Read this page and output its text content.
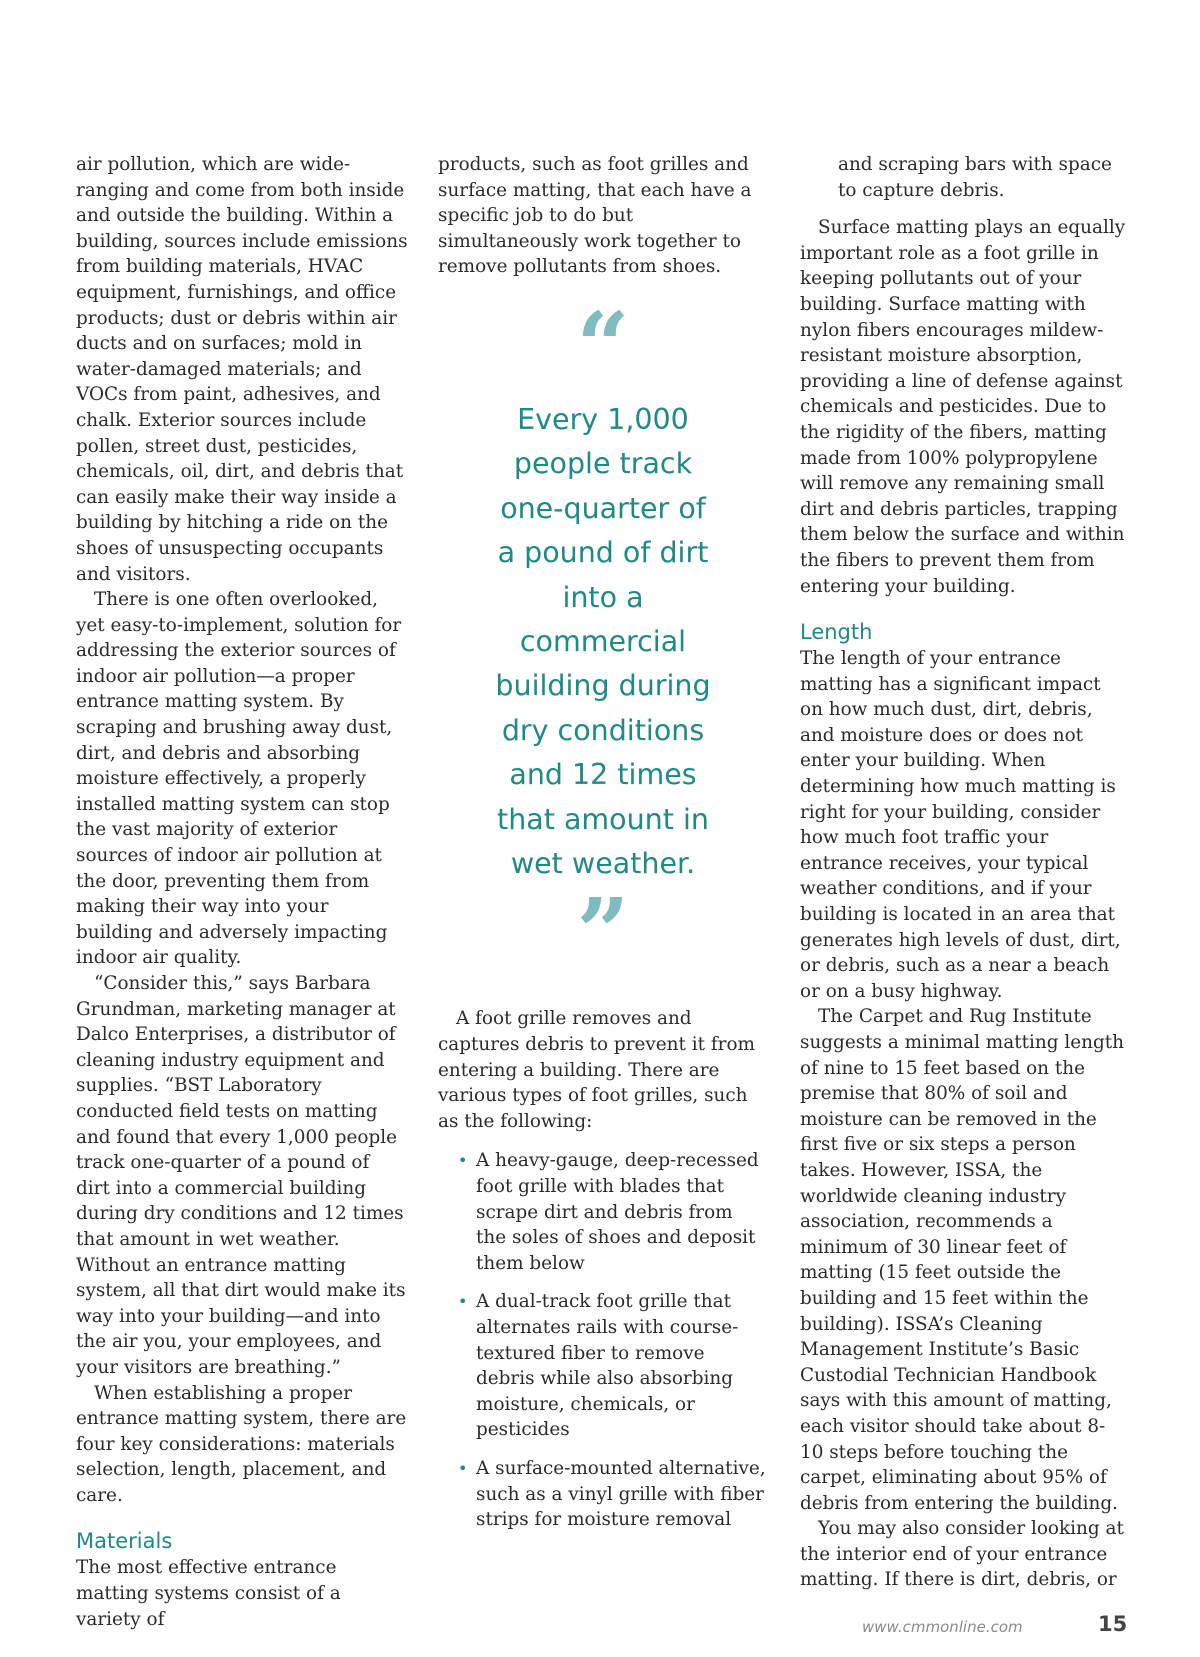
air pollution, which are wide-ranging and come from both inside and outside the building. Within a building, sources include emissions from building materials, HVAC equipment, furnishings, and office products; dust or debris within air ducts and on surfaces; mold in water-damaged materials; and VOCs from paint, adhesives, and chalk. Exterior sources include pollen, street dust, pesticides, chemicals, oil, dirt, and debris that can easily make their way inside a building by hitching a ride on the shoes of unsuspecting occupants and visitors.

There is one often overlooked, yet easy-to-implement, solution for addressing the exterior sources of indoor air pollution—a proper entrance matting system. By scraping and brushing away dust, dirt, and debris and absorbing moisture effectively, a properly installed matting system can stop the vast majority of exterior sources of indoor air pollution at the door, preventing them from making their way into your building and adversely impacting indoor air quality.

“Consider this,” says Barbara Grundman, marketing manager at Dalco Enterprises, a distributor of cleaning industry equipment and supplies. “BST Laboratory conducted field tests on matting and found that every 1,000 people track one-quarter of a pound of dirt into a commercial building during dry conditions and 12 times that amount in wet weather. Without an entrance matting system, all that dirt would make its way into your building—and into the air you, your employees, and your visitors are breathing.”

When establishing a proper entrance matting system, there are four key considerations: materials selection, length, placement, and care.

Materials

The most effective entrance matting systems consist of a variety of

products, such as foot grilles and surface matting, that each have a specific job to do but simultaneously work together to remove pollutants from shoes.

“
Every 1,000 people track one-quarter of a pound of dirt into a commercial building during dry conditions and 12 times that amount in wet weather.
”

A foot grille removes and captures debris to prevent it from entering a building. There are various types of foot grilles, such as the following:

• A heavy-gauge, deep-recessed foot grille with blades that scrape dirt and debris from the soles of shoes and deposit them below
• A dual-track foot grille that alternates rails with course-textured fiber to remove debris while also absorbing moisture, chemicals, or pesticides
• A surface-mounted alternative, such as a vinyl grille with fiber strips for moisture removal

and scraping bars with space to capture debris.

Surface matting plays an equally important role as a foot grille in keeping pollutants out of your building. Surface matting with nylon fibers encourages mildew-resistant moisture absorption, providing a line of defense against chemicals and pesticides. Due to the rigidity of the fibers, matting made from 100% polypropylene will remove any remaining small dirt and debris particles, trapping them below the surface and within the fibers to prevent them from entering your building.

Length

The length of your entrance matting has a significant impact on how much dust, dirt, debris, and moisture does or does not enter your building. When determining how much matting is right for your building, consider how much foot traffic your entrance receives, your typical weather conditions, and if your building is located in an area that generates high levels of dust, dirt, or debris, such as a near a beach or on a busy highway.

The Carpet and Rug Institute suggests a minimal matting length of nine to 15 feet based on the premise that 80% of soil and moisture can be removed in the first five or six steps a person takes. However, ISSA, the worldwide cleaning industry association, recommends a minimum of 30 linear feet of matting (15 feet outside the building and 15 feet within the building). ISSA’s Cleaning Management Institute’s Basic Custodial Technician Handbook says with this amount of matting, each visitor should take about 8-10 steps before touching the carpet, eliminating about 95% of debris from entering the building.

You may also consider looking at the interior end of your entrance matting. If there is dirt, debris, or

www.cmmonline.com	15
